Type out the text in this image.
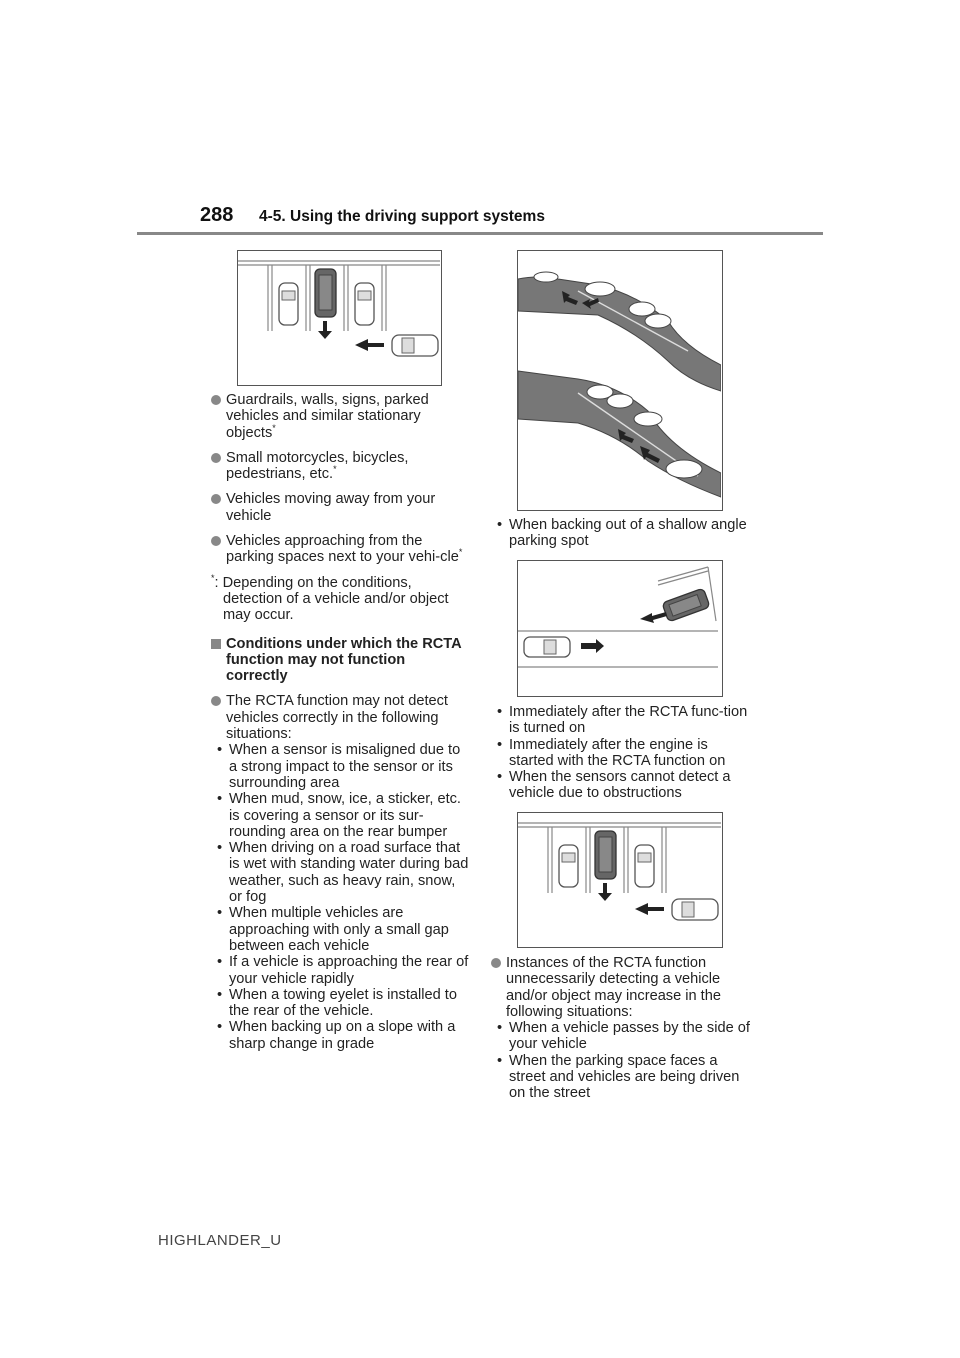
288 4-5. Using the driving support systems
Guardrails, walls, signs, parked vehicles and similar stationary objects*
Small motorcycles, bicycles, pedestrians, etc.*
Vehicles moving away from your vehicle
Vehicles approaching from the parking spaces next to your vehi-cle*
*: Depending on the conditions,
detection of a vehicle and/or object may occur.
Conditions under which the RCTA function may not function correctly
The RCTA function may not detect vehicles correctly in the following situations:
• When a sensor is misaligned due to a strong impact to the sensor or its surrounding area
• When mud, snow, ice, a sticker, etc. is covering a sensor or its sur-rounding area on the rear bumper
• When driving on a road surface that is wet with standing water during bad weather, such as heavy rain, snow, or fog
• When multiple vehicles are approaching with only a small gap between each vehicle
• If a vehicle is approaching the rear of your vehicle rapidly
• When a towing eyelet is installed to the rear of the vehicle.
• When backing up on a slope with a sharp change in grade
• When backing out of a shallow angle parking spot
• Immediately after the RCTA func-tion is turned on
• Immediately after the engine is started with the RCTA function on
• When the sensors cannot detect a vehicle due to obstructions
Instances of the RCTA function unnecessarily detecting a vehicle and/or object may increase in the following situations:
• When a vehicle passes by the side of your vehicle
• When the parking space faces a street and vehicles are being driven on the street
HIGHLANDER_U
